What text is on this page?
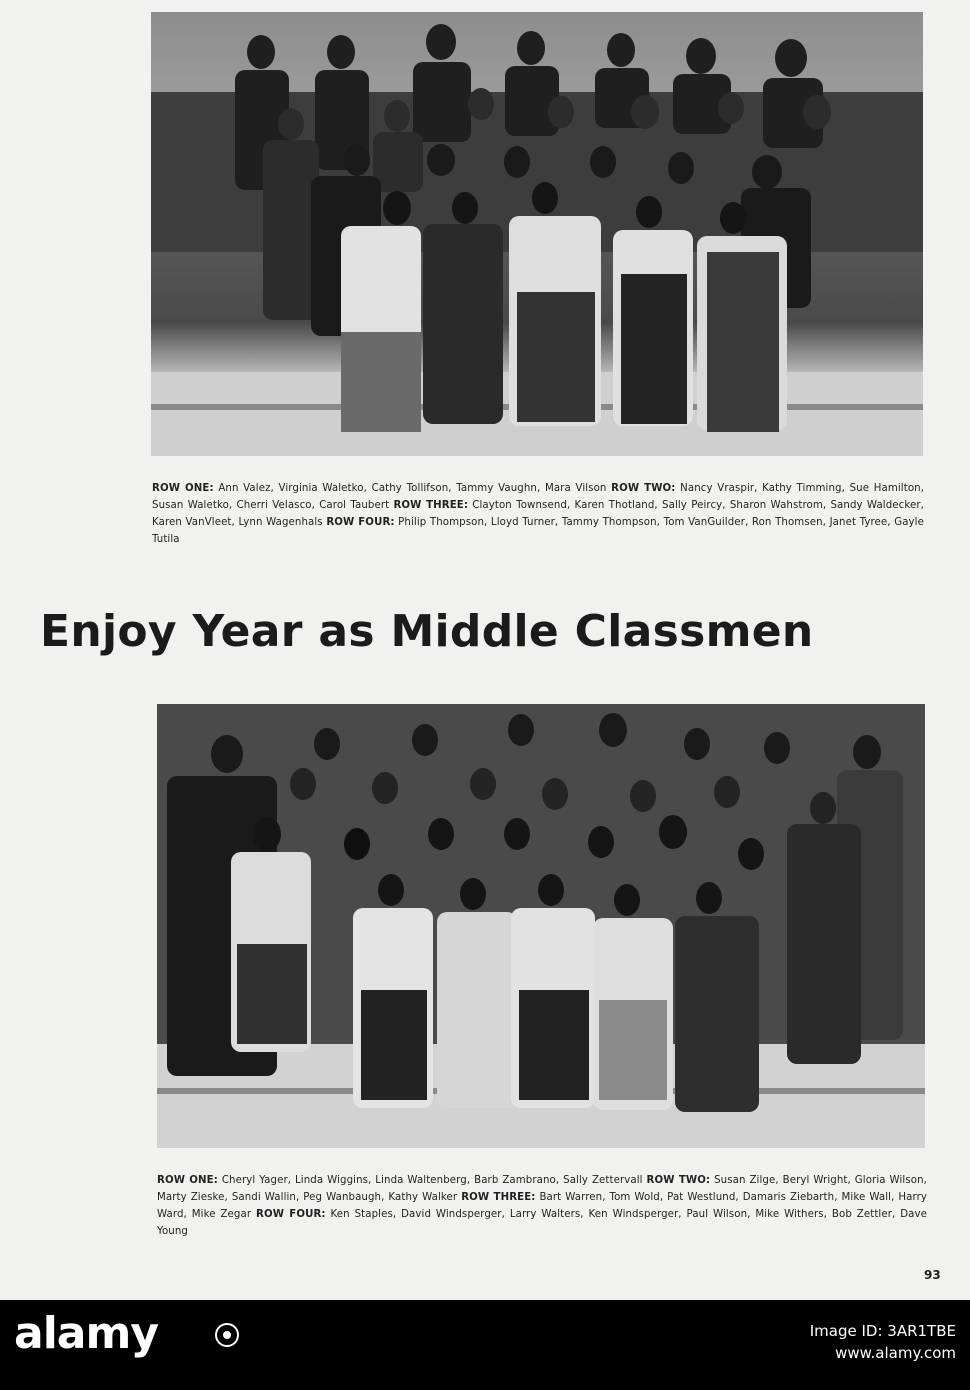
ROW ONE: Ann Valez, Virginia Waletko, Cathy Tollifson, Tammy Vaughn, Mara Vilson ROW TWO: Nancy Vraspir, Kathy Timming, Sue Hamilton, Susan Waletko, Cherri Velasco, Carol Taubert ROW THREE: Clayton Townsend, Karen Thotland, Sally Peircy, Sharon Wahstrom, Sandy Waldecker, Karen VanVleet, Lynn Wagenhals ROW FOUR: Philip Thompson, Lloyd Turner, Tammy Thompson, Tom VanGuilder, Ron Thomsen, Janet Tyree, Gayle Tutila
Enjoy Year as Middle Classmen
ROW ONE: Cheryl Yager, Linda Wiggins, Linda Waltenberg, Barb Zambrano, Sally Zettervall ROW TWO: Susan Zilge, Beryl Wright, Gloria Wilson, Marty Zieske, Sandi Wallin, Peg Wanbaugh, Kathy Walker ROW THREE: Bart Warren, Tom Wold, Pat Westlund, Damaris Ziebarth, Mike Wall, Harry Ward, Mike Zegar ROW FOUR: Ken Staples, David Windsperger, Larry Walters, Ken Windsperger, Paul Wilson, Mike Withers, Bob Zettler, Dave Young
93
alamy	Image ID: 3AR1TBE
www.alamy.com
